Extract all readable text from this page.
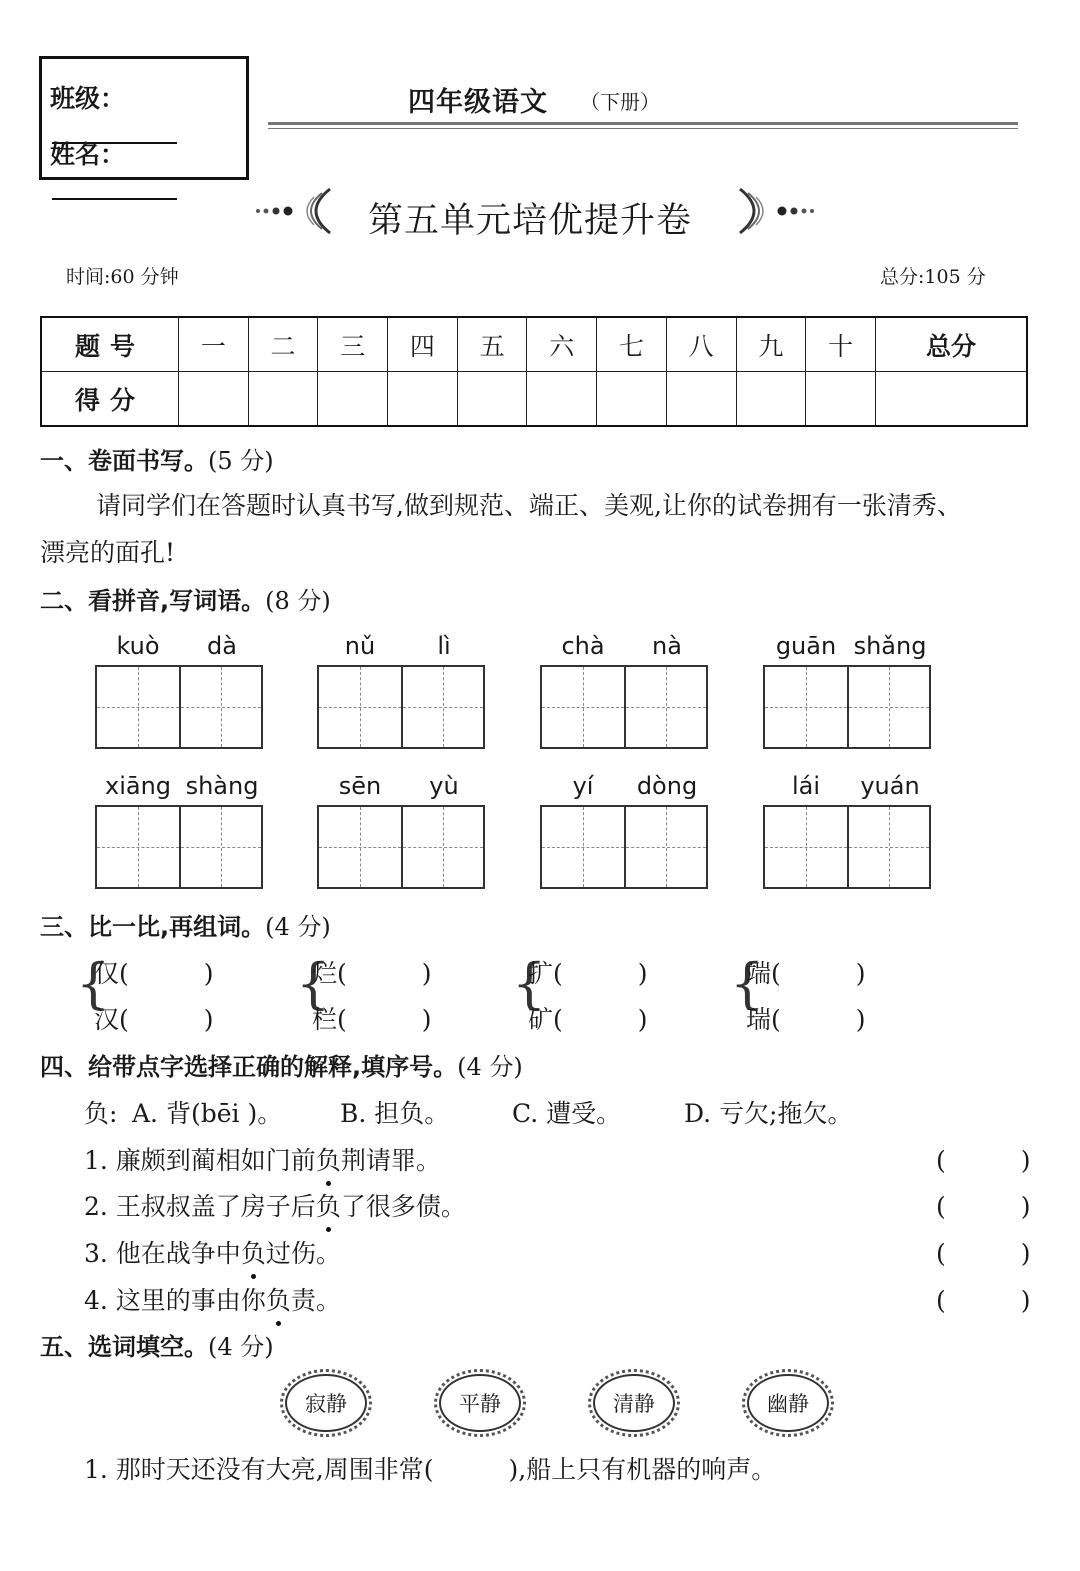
班级：
姓名：
四年级语文 （下册）
第五单元培优提升卷
时间:60 分钟	总分:105 分
题号	一	二	三	四	五	六	七	八	九	十	总分
得分											
一、卷面书写。(5 分)
请同学们在答题时认真书写,做到规范、端正、美观,让你的试卷拥有一张清秀、
漂亮的面孔!
二、看拼音,写词语。(8 分)
kuò	dà	nǔ	lì	chà	nà	guān shǎng
xiāng shàng	sēn	yù	yí	dòng	lái	yuán
三、比一比,再组词。(4 分)
{
仅(　　　)
汉(　　　)
{
烂(　　　)
栏(　　　)
{
扩(　　　)
矿(　　　)
{
端(　　　)
瑞(　　　)
四、给带点字选择正确的解释,填序号。(4 分)
负: A. 背(bēi )。 B. 担负。	C. 遭受。	D. 亏欠;拖欠。
1. 廉颇到蔺相如门前负荆请罪。	(　　　)
2. 王叔叔盖了房子后负了很多债。	(　　　)
3. 他在战争中负过伤。	(　　　)
4. 这里的事由你负责。	(　　　)
五、选词填空。(4 分)
寂静	平静	清静	幽静
1. 那时天还没有大亮,周围非常(　　　),船上只有机器的响声。
